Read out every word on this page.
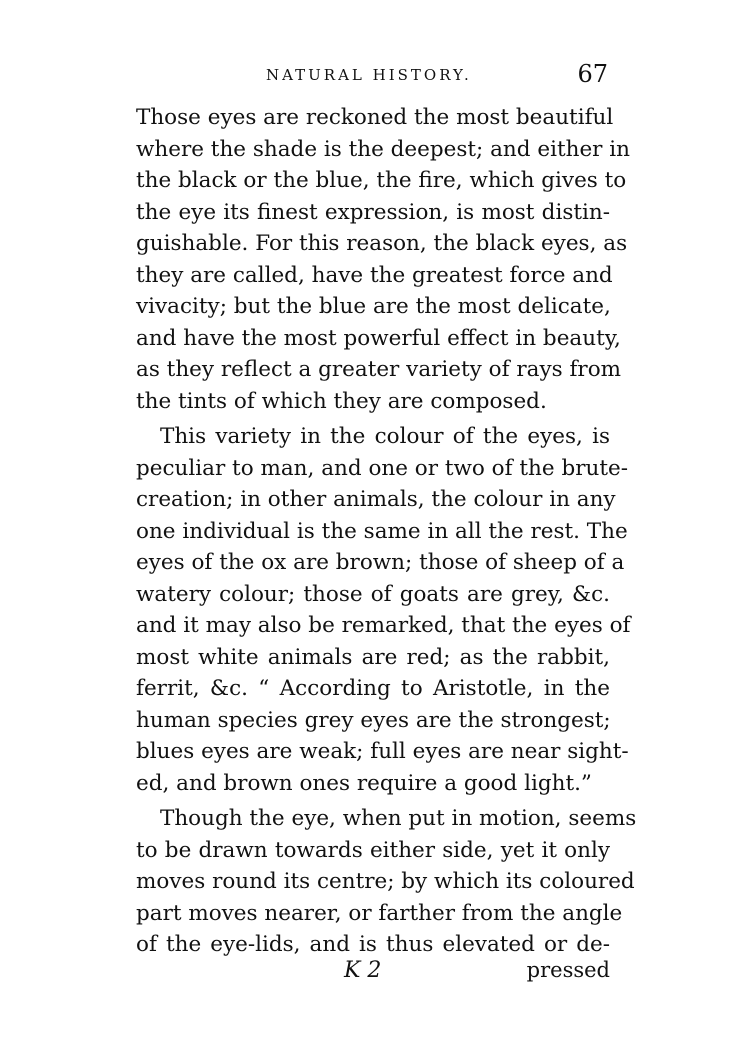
NATURAL HISTORY.	67
Those eyes are reckoned the most beautiful
where the shade is the deepest; and either in
the black or the blue, the fire, which gives to
the eye its finest expression, is most distin-
guishable. For this reason, the black eyes, as
they are called, have the greatest force and
vivacity; but the blue are the most delicate,
and have the most powerful effect in beauty,
as they reflect a greater variety of rays from
the tints of which they are composed.
This variety in the colour of the eyes, is
peculiar to man, and one or two of the brute-
creation; in other animals, the colour in any
one individual is the same in all the rest. The
eyes of the ox are brown; those of sheep of a
watery colour; those of goats are grey, &c.
and it may also be remarked, that the eyes of
most white animals are red; as the rabbit,
ferrit, &c. “ According to Aristotle, in the
human species grey eyes are the strongest;
blues eyes are weak; full eyes are near sight-
ed, and brown ones require a good light.”
Though the eye, when put in motion, seems
to be drawn towards either side, yet it only
moves round its centre; by which its coloured
part moves nearer, or farther from the angle
of the eye-lids, and is thus elevated or de-
K 2	pressed
